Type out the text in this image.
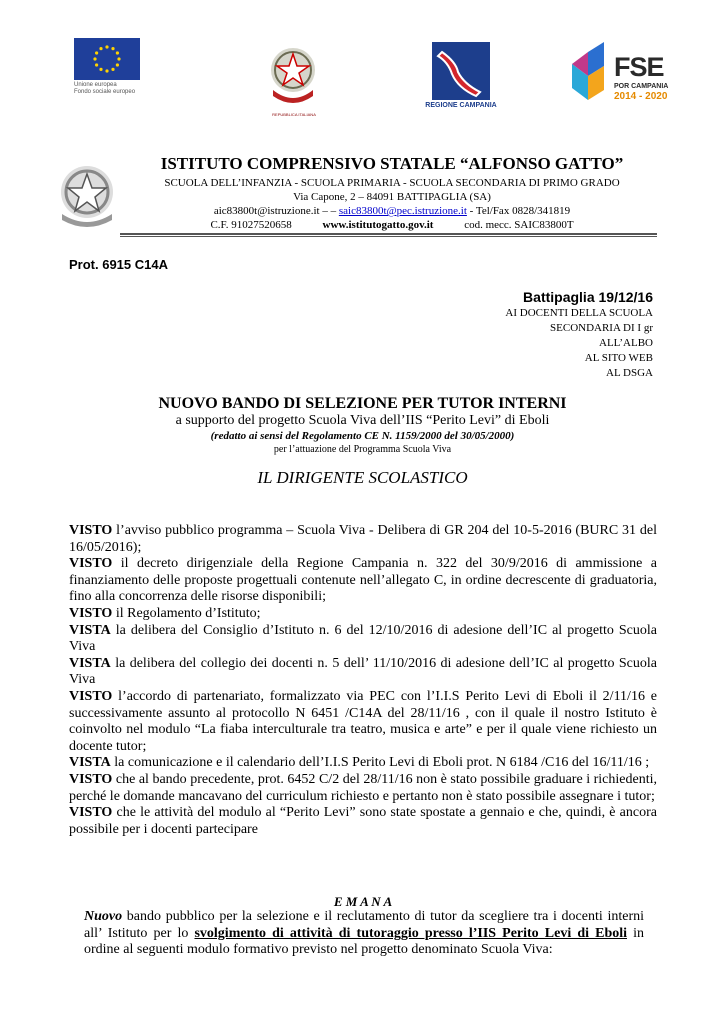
Unione europea
Fondo sociale europeo
REPUBBLICA ITALIANA
REGIONE CAMPANIA
FSE
POR CAMPANIA
2014 - 2020
ISTITUTO COMPRENSIVO STATALE “ALFONSO GATTO”
SCUOLA DELL’INFANZIA - SCUOLA PRIMARIA - SCUOLA SECONDARIA DI PRIMO GRADO
Via Capone, 2 – 84091 BATTIPAGLIA (SA)
aic83800t@istruzione.it – – saic83800t@pec.istruzione.it - Tel/Fax 0828/341819
C.F. 91027520658	www.istitutogatto.gov.it	cod. mecc. SAIC83800T
Prot. 6915 C14A
Battipaglia 19/12/16
AI DOCENTI DELLA SCUOLA
SECONDARIA DI I gr
ALL’ALBO
AL SITO WEB
AL DSGA
NUOVO BANDO DI SELEZIONE PER TUTOR INTERNI
a supporto del progetto Scuola Viva dell’IIS “Perito Levi” di Eboli
(redatto ai sensi del Regolamento CE N. 1159/2000 del 30/05/2000)
per l’attuazione del Programma Scuola Viva
IL DIRIGENTE SCOLASTICO

VISTO l’avviso pubblico programma – Scuola Viva - Delibera di GR 204 del 10-5-2016 (BURC 31 del 16/05/2016);

VISTO il decreto dirigenziale della Regione Campania n. 322 del 30/9/2016 di ammissione a finanziamento delle proposte progettuali contenute nell’allegato C, in ordine decrescente di graduatoria, fino alla concorrenza delle risorse disponibili;

VISTO il Regolamento d’Istituto;

VISTA la delibera del Consiglio d’Istituto n. 6 del 12/10/2016 di adesione dell’IC al progetto Scuola Viva

VISTA la delibera del collegio dei docenti n. 5 dell’ 11/10/2016 di adesione dell’IC al progetto Scuola Viva

VISTO l’accordo di partenariato, formalizzato via PEC con l’I.I.S Perito Levi di Eboli il 2/11/16 e successivamente assunto al protocollo N 6451 /C14A del 28/11/16 , con il quale il nostro Istituto è coinvolto nel modulo “La fiaba interculturale tra teatro, musica e arte” e per il quale viene richiesto un docente tutor;

VISTA la comunicazione e il calendario dell’I.I.S Perito Levi di Eboli prot. N 6184 /C16 del 16/11/16 ;

VISTO che al bando precedente, prot. 6452 C/2 del 28/11/16 non è stato possibile graduare i richiedenti, perché le domande mancavano del curriculum richiesto e pertanto non è stato possibile assegnare i tutor;

VISTO che le attività del modulo al “Perito Levi” sono state spostate a gennaio e che, quindi, è ancora possibile per i docenti partecipare

E M A N A
Nuovo bando pubblico per la selezione e il reclutamento di tutor da scegliere tra i docenti interni all’ Istituto per lo svolgimento di attività di tutoraggio presso l’IIS Perito Levi di Eboli in ordine al seguenti modulo formativo previsto nel progetto denominato Scuola Viva:
